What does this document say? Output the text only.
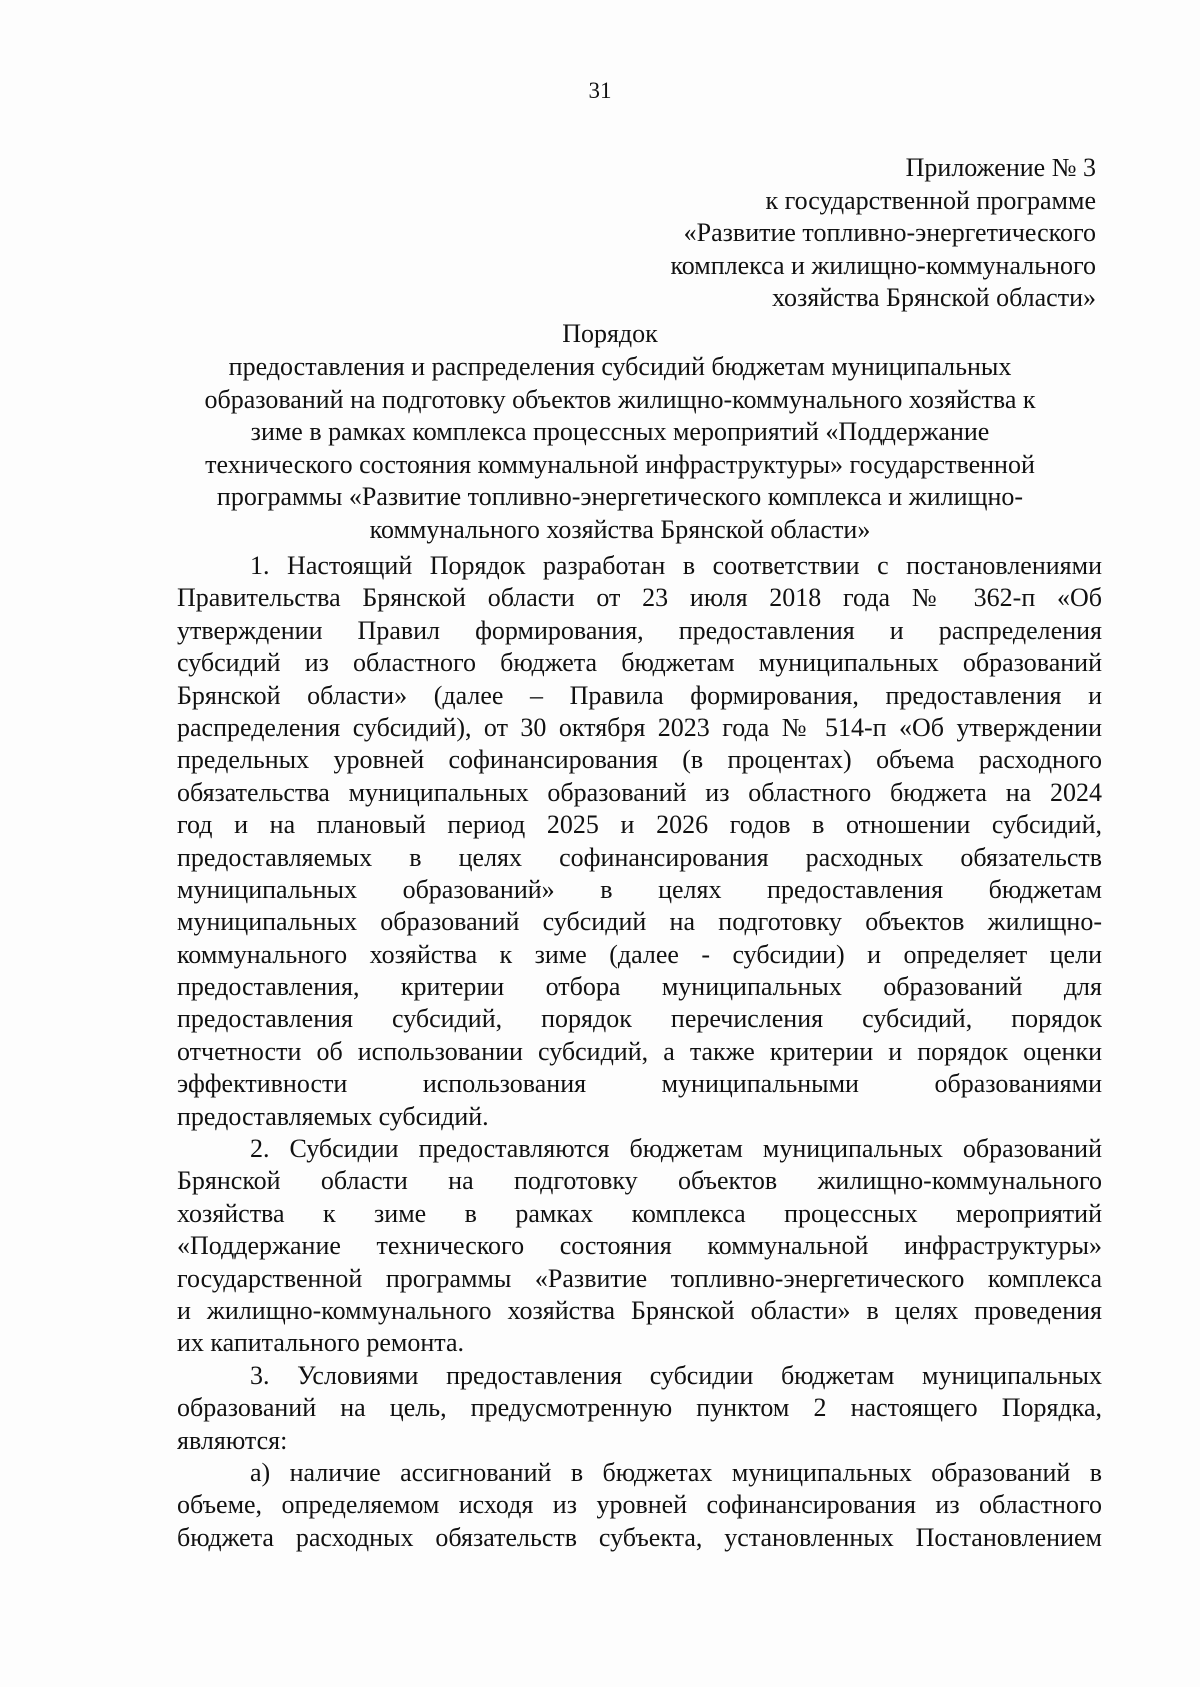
31
Приложение № 3
к государственной программе
«Развитие топливно-энергетического
комплекса и жилищно-коммунального
хозяйства Брянской области»
Порядок
предоставления и распределения субсидий бюджетам муниципальных
образований на подготовку объектов жилищно-коммунального хозяйства к
зиме в рамках комплекса процессных мероприятий «Поддержание
технического состояния коммунальной инфраструктуры» государственной
программы «Развитие топливно-энергетического комплекса и жилищно-
коммунального хозяйства Брянской области»
1. Настоящий Порядок разработан в соответствии с постановлениями
Правительства Брянской области от 23 июля 2018 года № 362-п «Об
утверждении Правил формирования, предоставления и распределения
субсидий из областного бюджета бюджетам муниципальных образований
Брянской области» (далее – Правила формирования, предоставления и
распределения субсидий), от 30 октября 2023 года № 514-п «Об утверждении
предельных уровней софинансирования (в процентах) объема расходного
обязательства муниципальных образований из областного бюджета на 2024
год и на плановый период 2025 и 2026 годов в отношении субсидий,
предоставляемых в целях софинансирования расходных обязательств
муниципальных образований» в целях предоставления бюджетам
муниципальных образований субсидий на подготовку объектов жилищно-
коммунального хозяйства к зиме (далее - субсидии) и определяет цели
предоставления, критерии отбора муниципальных образований для
предоставления субсидий, порядок перечисления субсидий, порядок
отчетности об использовании субсидий, а также критерии и порядок оценки
эффективности использования муниципальными образованиями
предоставляемых субсидий.
2. Субсидии предоставляются бюджетам муниципальных образований
Брянской области на подготовку объектов жилищно-коммунального
хозяйства к зиме в рамках комплекса процессных мероприятий
«Поддержание технического состояния коммунальной инфраструктуры»
государственной программы «Развитие топливно-энергетического комплекса
и жилищно-коммунального хозяйства Брянской области» в целях проведения
их капитального ремонта.
3. Условиями предоставления субсидии бюджетам муниципальных
образований на цель, предусмотренную пунктом 2 настоящего Порядка,
являются:
а) наличие ассигнований в бюджетах муниципальных образований в
объеме, определяемом исходя из уровней софинансирования из областного
бюджета расходных обязательств субъекта, установленных Постановлением
